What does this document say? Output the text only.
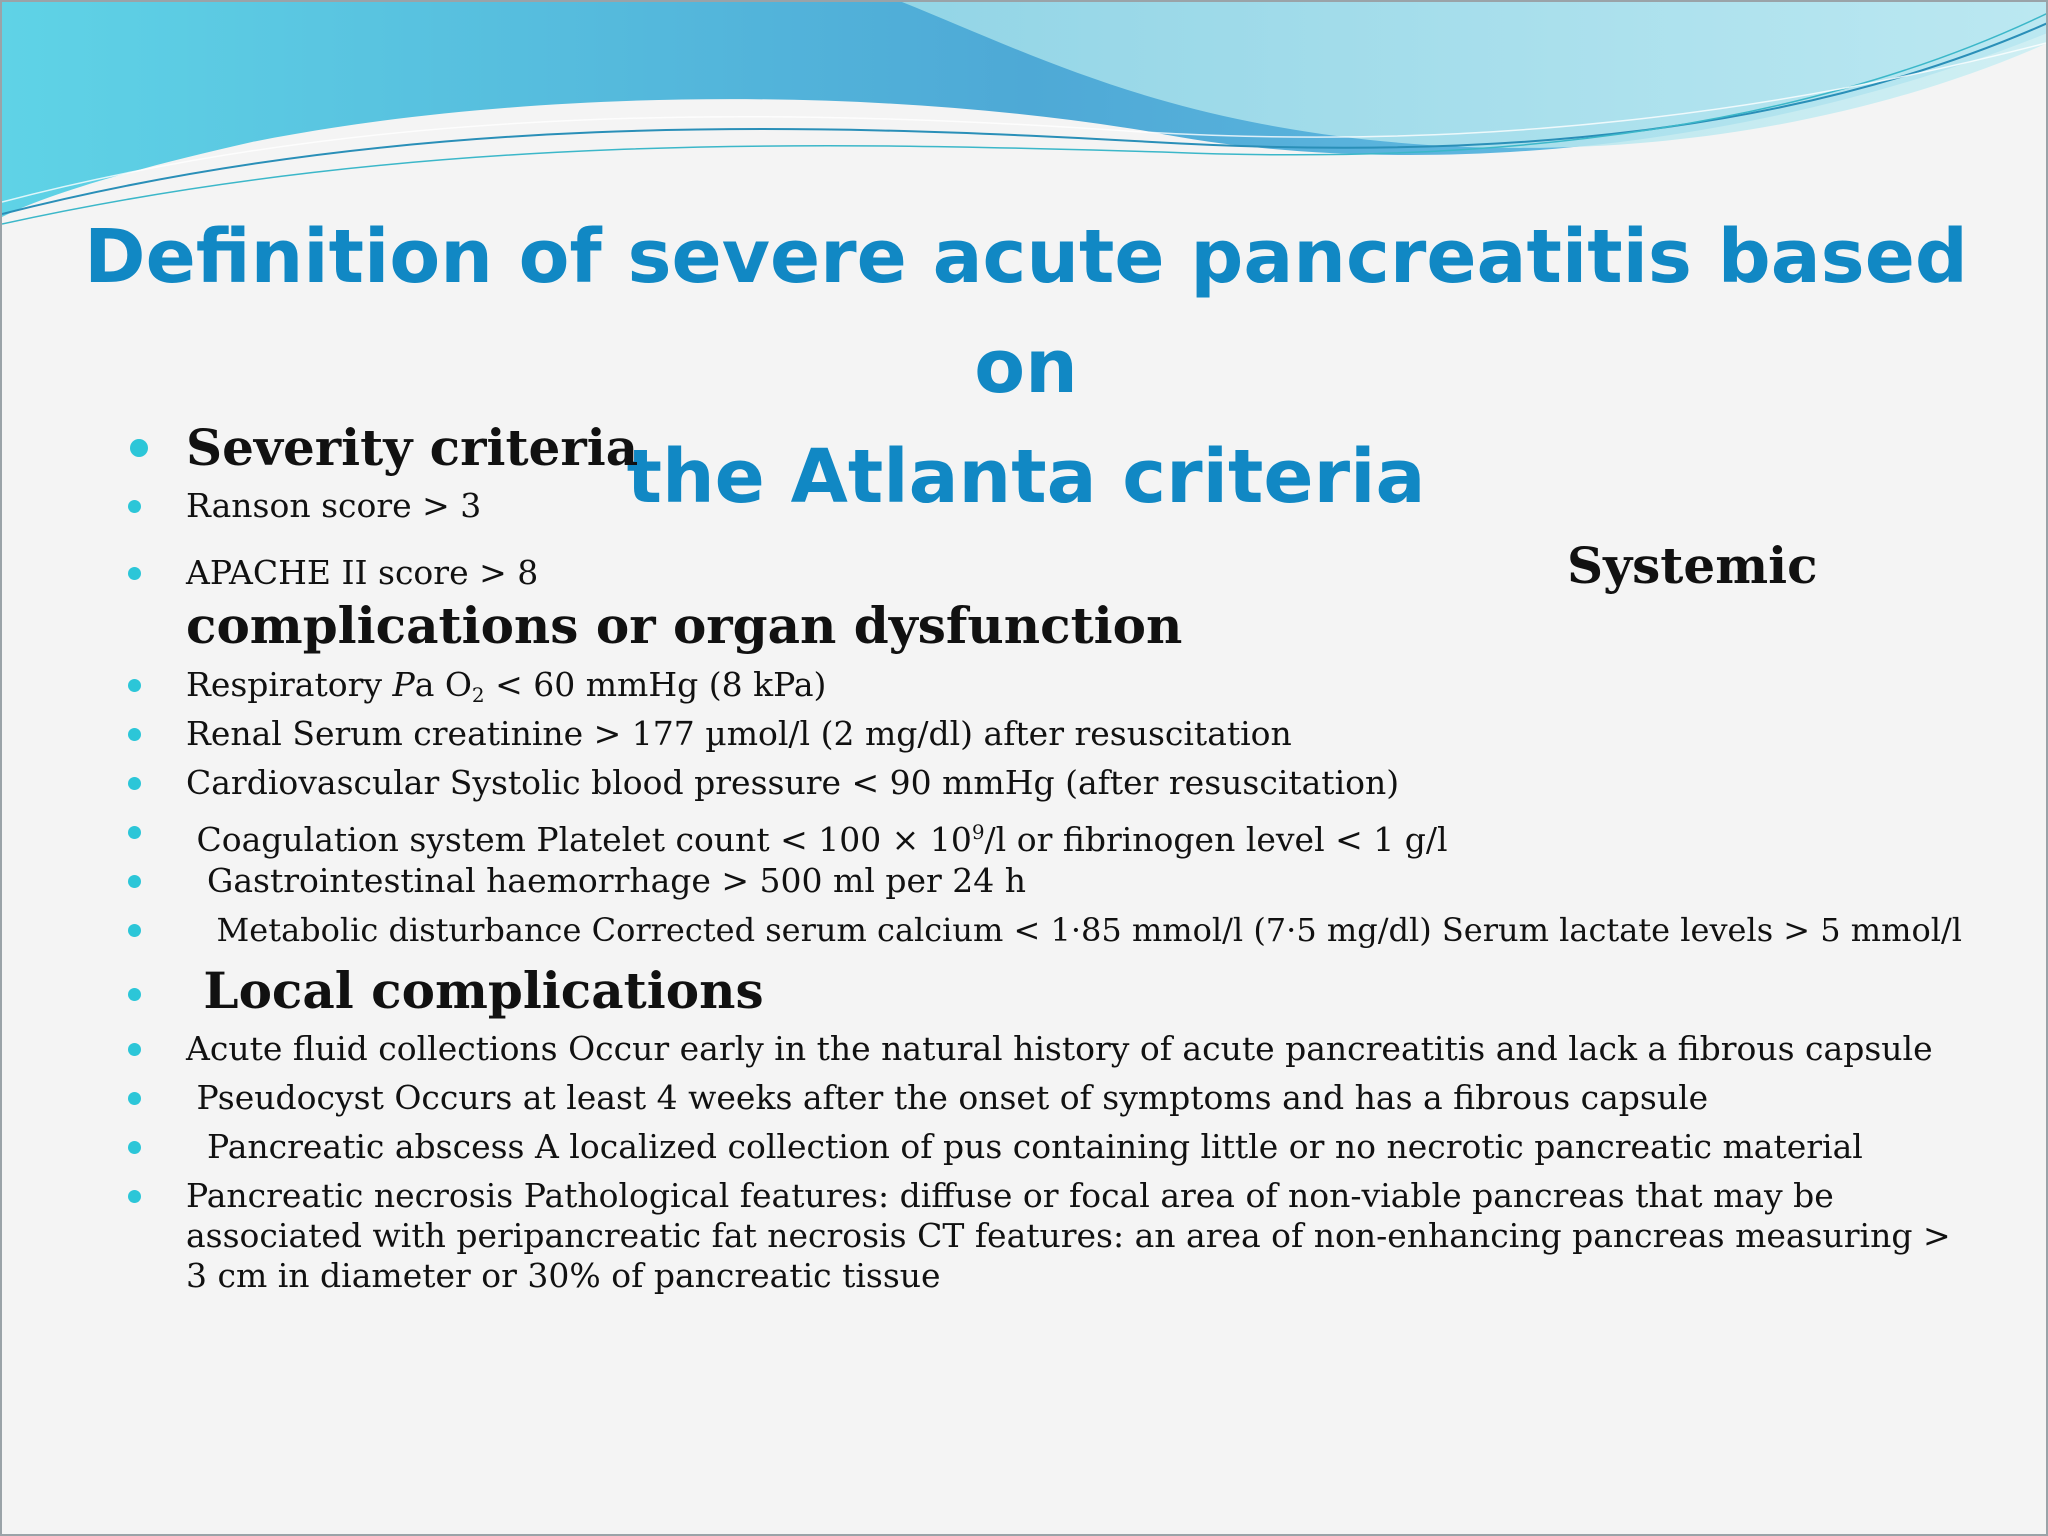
Definition of severe acute pancreatitis based on
the Atlanta criteria
Severity criteria
Ranson score > 3
APACHE II score > 8	Systemic
complications or organ dysfunction
Respiratory Pa $O_2 < 60$ mmHg (8 kPa)
Renal Serum creatinine > 177 µmol/l (2 mg/dl) after resuscitation
Cardiovascular Systolic blood pressure < 90 mmHg (after resuscitation)
Coagulation system Platelet count < $100 \times 10^9/l$ or fibrinogen level < 1 g/l
Gastrointestinal haemorrhage > 500 ml per 24 h
Metabolic disturbance Corrected serum calcium < 1·85 mmol/l (7·5 mg/dl) Serum lactate levels > 5 mmol/l
Local complications
Acute fluid collections Occur early in the natural history of acute pancreatitis and lack a fibrous capsule
Pseudocyst Occurs at least 4 weeks after the onset of symptoms and has a fibrous capsule
Pancreatic abscess A localized collection of pus containing little or no necrotic pancreatic material
Pancreatic necrosis Pathological features: diffuse or focal area of non-viable pancreas that may be associated with peripancreatic fat necrosis CT features: an area of non-enhancing pancreas measuring > 3 cm in diameter or 30% of pancreatic tissue
